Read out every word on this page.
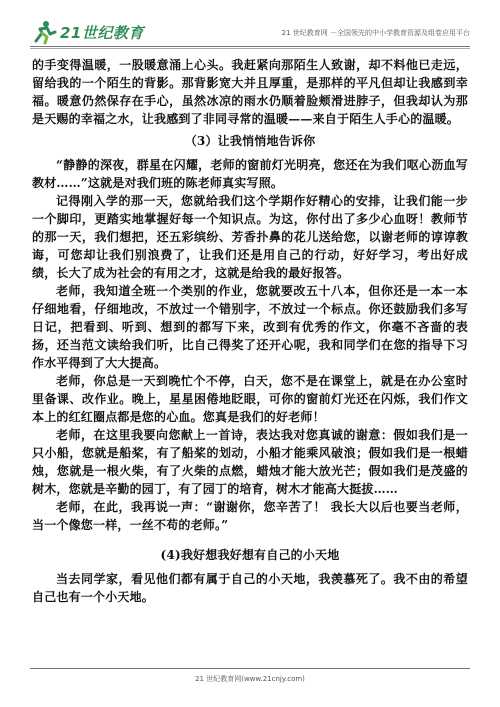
21世纪教育	21 世纪教育网 －全国领先的中小学教育资源及组卷应用平台

的手变得温暖，一股暖意涌上心头。我赶紧向那陌生人致谢，却不料他已走远，留给我的一个陌生的背影。那背影宽大并且厚重，是那样的平凡但却让我感到幸福。暖意仍然保存在手心，虽然冰凉的雨水仍顺着脸颊滑进脖子，但我却认为那是天赐的幸福之水，让我感到了非同寻常的温暖——来自于陌生人手心的温暖。

（3）让我悄悄地告诉你

“静静的深夜，群星在闪耀，老师的窗前灯光明亮，您还在为我们呕心沥血写教材……”这就是对我们班的陈老师真实写照。

记得刚入学的那一天，您就给我们这个学期作好精心的安排，让我们能一步一个脚印，更踏实地掌握好每一个知识点。为这，你付出了多少心血呀！教师节的那一天，我们想把，还五彩缤纷、芳香扑鼻的花儿送给您，以谢老师的谆谆教诲，可您却让我们别浪费了，让我们还是用自己的行动，好好学习，考出好成绩，长大了成为社会的有用之才，这就是给我的最好报答。

老师，我知道全班一个类别的作业，您就要改五十八本，但你还是一本一本仔细地看，仔细地改，不放过一个错别字，不放过一个标点。你还鼓励我们多写日记，把看到、听到、想到的都写下来，改到有优秀的作文，你毫不吝啬的表扬，还当范文读给我们听，比自己得奖了还开心呢，我和同学们在您的指导下习作水平得到了大大提高。

老师，你总是一天到晚忙个不停，白天，您不是在课堂上，就是在办公室时里备课、改作业。晚上，星星困倦地眨眼，可你的窗前灯光还在闪烁，我们作文本上的红红圈点都是您的心血。您真是我们的好老师！

老师，在这里我要向您献上一首诗，表达我对您真诚的谢意：假如我们是一只小船，您就是船桨，有了船桨的划动，小船才能乘风破浪；假如我们是一根蜡烛，您就是一根火柴，有了火柴的点燃，蜡烛才能大放光芒；假如我们是茂盛的树木，您就是辛勤的园丁，有了园丁的培育，树木才能高大挺拔……

老师，在此，我再说一声：“谢谢你，您辛苦了！ 我长大以后也要当老师，当一个像您一样，一丝不苟的老师。”

(4)我好想我好想有自己的小天地

当去同学家，看见他们都有属于自己的小天地，我羡慕死了。我不由的希望自己也有一个小天地。

21 世纪教育网(www.21cnjy.com)
